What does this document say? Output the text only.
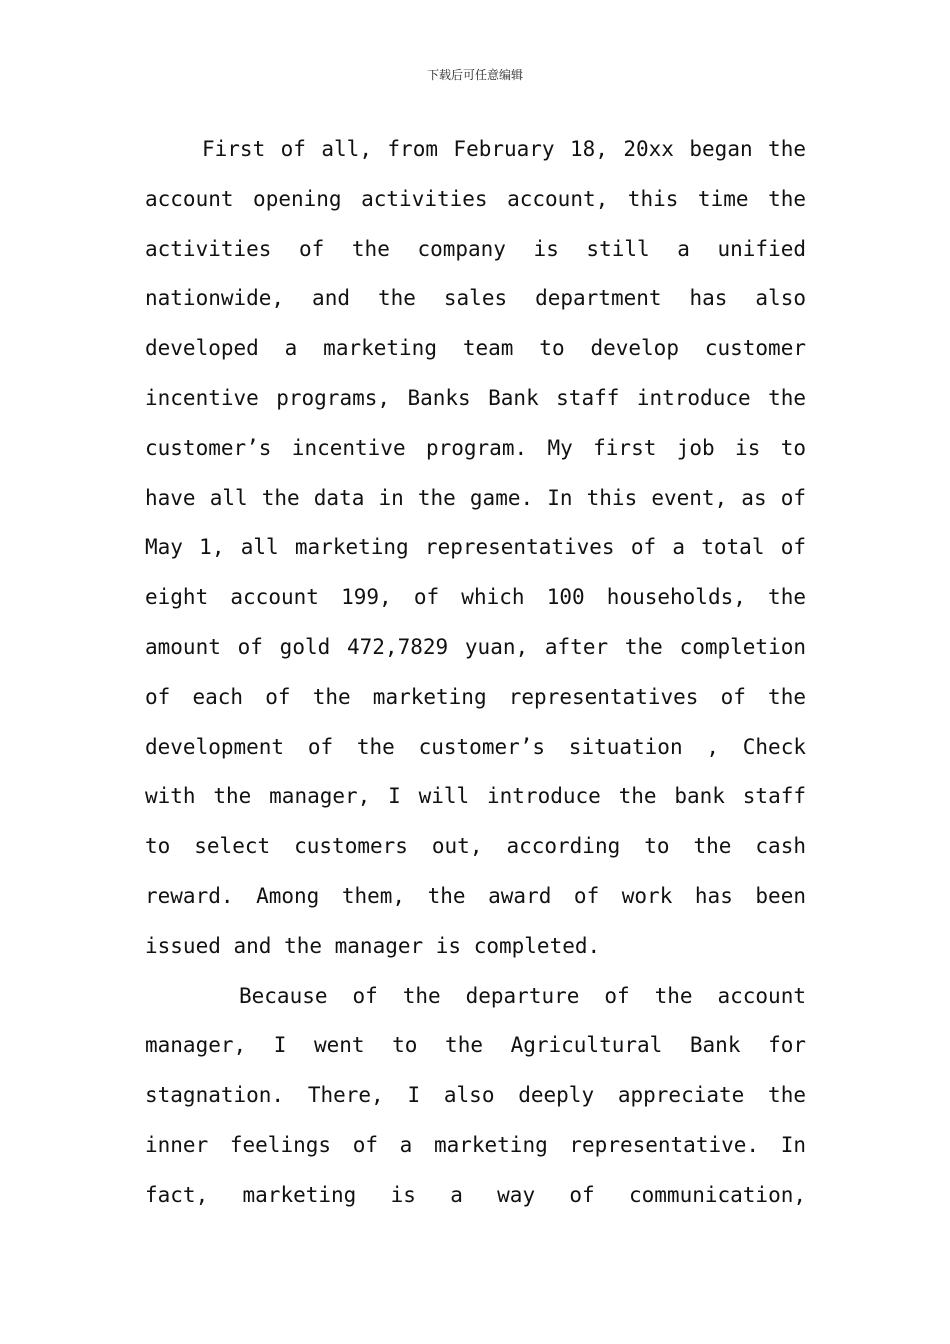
下载后可任意编辑
First of all, from February 18, 20xx began the
account opening activities account, this time the
activities of the company is still a unified
nationwide, and the sales department has also
developed a marketing team to develop customer
incentive programs, Banks Bank staff introduce the
customer’s incentive program. My first job is to
have all the data in the game. In this event, as of
May 1, all marketing representatives of a total of
eight account 199, of which 100 households, the
amount of gold 472,7829 yuan, after the completion
of each of the marketing representatives of the
development of the customer’s situation , Check
with the manager, I will introduce the bank staff
to select customers out, according to the cash
reward. Among them, the award of work has been
issued and the manager is completed.
Because of the departure of the account
manager, I went to the Agricultural Bank for
stagnation. There, I also deeply appreciate the
inner feelings of a marketing representative. In
fact, marketing is a way of communication,
